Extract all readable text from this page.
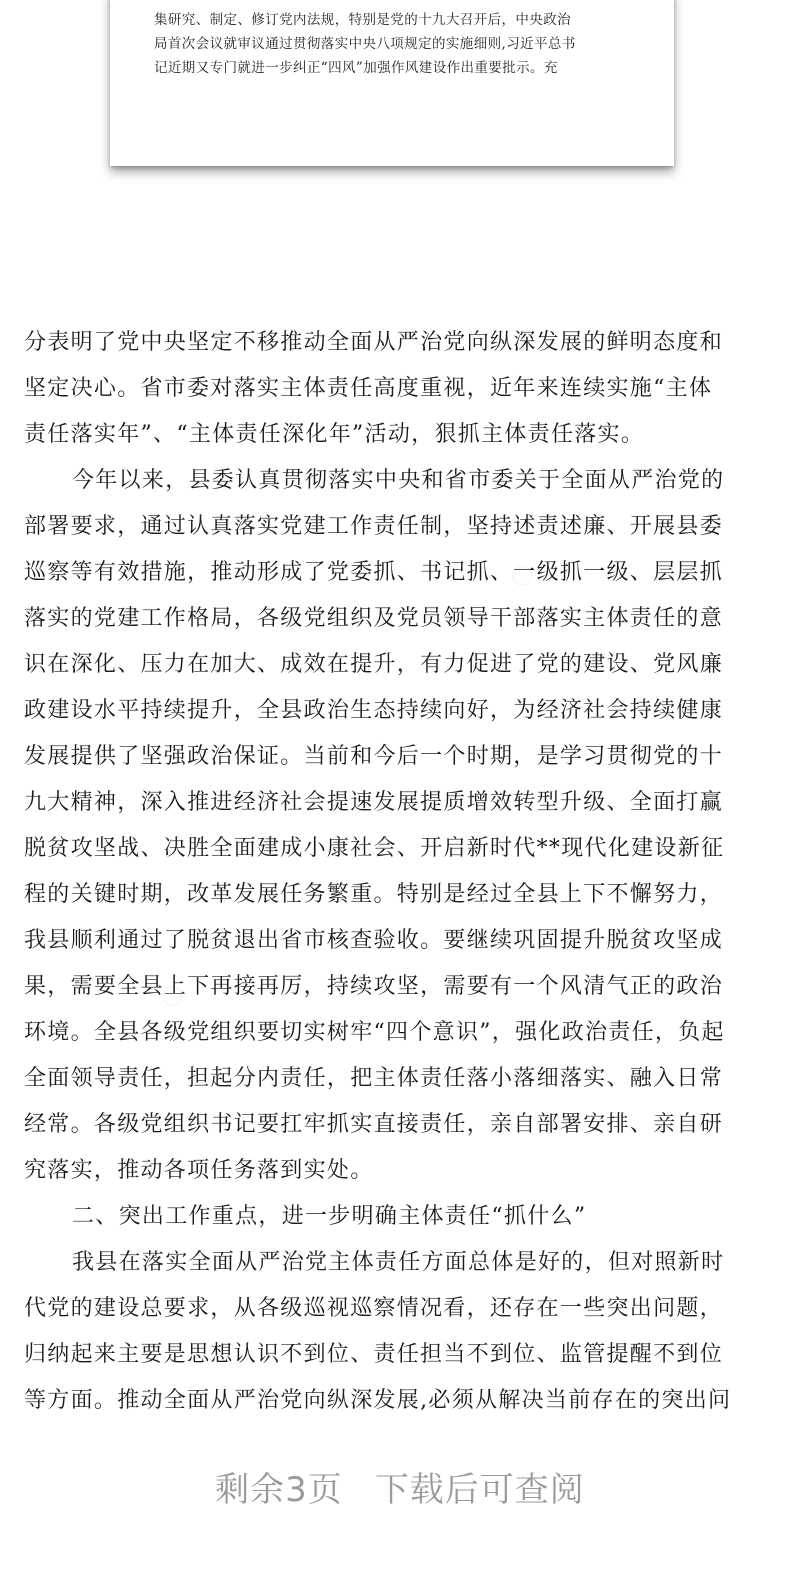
集研究、制定、修订党内法规，特别是党的十九大召开后，中央政治
局首次会议就审议通过贯彻落实中央八项规定的实施细则,习近平总书
记近期又专门就进一步纠正“四风”加强作风建设作出重要批示。充
分表明了党中央坚定不移推动全面从严治党向纵深发展的鲜明态度和
坚定决心。省市委对落实主体责任高度重视，近年来连续实施“主体
责任落实年”、“主体责任深化年”活动，狠抓主体责任落实。
今年以来，县委认真贯彻落实中央和省市委关于全面从严治党的
部署要求，通过认真落实党建工作责任制，坚持述责述廉、开展县委
巡察等有效措施，推动形成了党委抓、书记抓、一级抓一级、层层抓
落实的党建工作格局，各级党组织及党员领导干部落实主体责任的意
识在深化、压力在加大、成效在提升，有力促进了党的建设、党风廉
政建设水平持续提升，全县政治生态持续向好，为经济社会持续健康
发展提供了坚强政治保证。当前和今后一个时期，是学习贯彻党的十
九大精神，深入推进经济社会提速发展提质增效转型升级、全面打赢
脱贫攻坚战、决胜全面建成小康社会、开启新时代**现代化建设新征
程的关键时期，改革发展任务繁重。特别是经过全县上下不懈努力，
我县顺利通过了脱贫退出省市核查验收。要继续巩固提升脱贫攻坚成
果，需要全县上下再接再厉，持续攻坚，需要有一个风清气正的政治
环境。全县各级党组织要切实树牢“四个意识”，强化政治责任，负起
全面领导责任，担起分内责任，把主体责任落小落细落实、融入日常
经常。各级党组织书记要扛牢抓实直接责任，亲自部署安排、亲自研
究落实，推动各项任务落到实处。
二、突出工作重点，进一步明确主体责任“抓什么”
我县在落实全面从严治党主体责任方面总体是好的，但对照新时
代党的建设总要求，从各级巡视巡察情况看，还存在一些突出问题，
归纳起来主要是思想认识不到位、责任担当不到位、监管提醒不到位
等方面。推动全面从严治党向纵深发展,必须从解决当前存在的突出问
剩余3页 下载后可查阅
